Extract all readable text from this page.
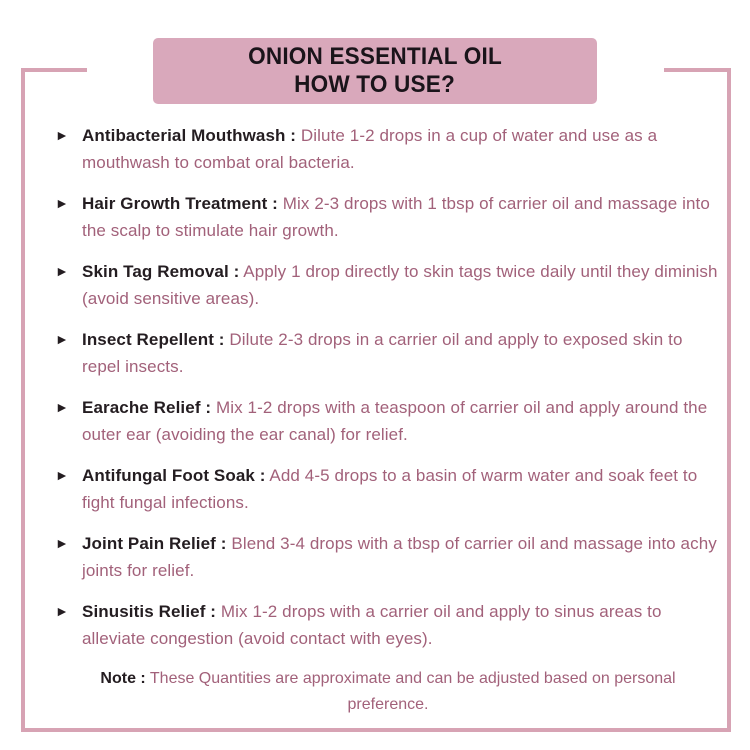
ONION ESSENTIAL OIL
HOW TO USE?
► Antibacterial Mouthwash : Dilute 1-2 drops in a cup of water and use as a mouthwash to combat oral bacteria.
► Hair Growth Treatment : Mix 2-3 drops with 1 tbsp of carrier oil and massage into the scalp to stimulate hair growth.
► Skin Tag Removal : Apply 1 drop directly to skin tags twice daily until they diminish (avoid sensitive areas).
► Insect Repellent : Dilute 2-3 drops in a carrier oil and apply to exposed skin to repel insects.
► Earache Relief : Mix 1-2 drops with a teaspoon of carrier oil and apply around the outer ear (avoiding the ear canal) for relief.
► Antifungal Foot Soak : Add 4-5 drops to a basin of warm water and soak feet to fight fungal infections.
► Joint Pain Relief : Blend 3-4 drops with a tbsp of carrier oil and massage into achy joints for relief.
► Sinusitis Relief : Mix 1-2 drops with a carrier oil and apply to sinus areas to alleviate congestion (avoid contact with eyes).
Note : These Quantities are approximate and can be adjusted based on personal preference.
